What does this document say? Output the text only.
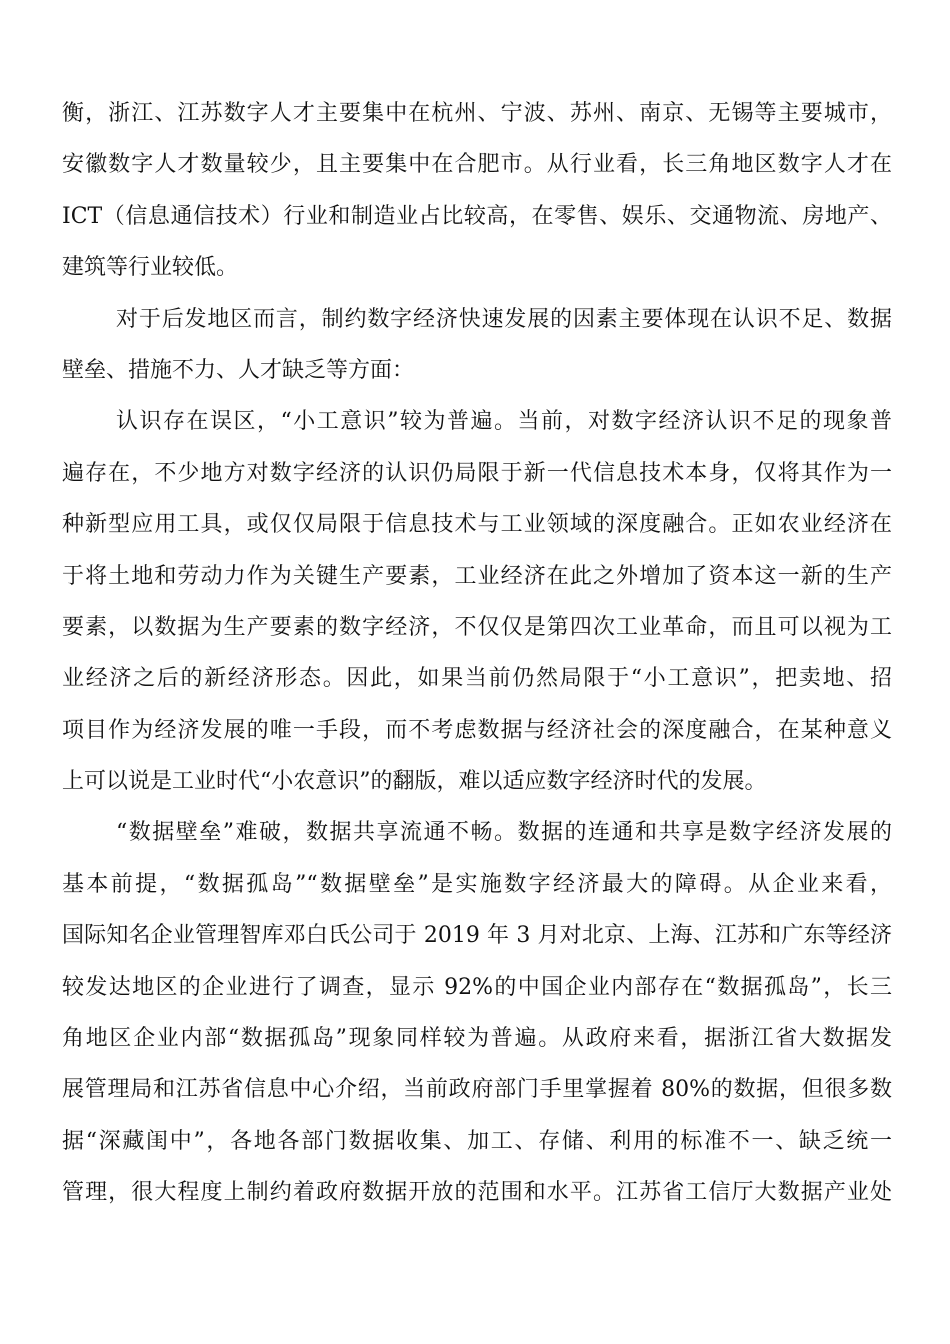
衡，浙江、江苏数字人才主要集中在杭州、宁波、苏州、南京、无锡等主要城市，
安徽数字人才数量较少，且主要集中在合肥市。从行业看，长三角地区数字人才在
ICT（信息通信技术）行业和制造业占比较高，在零售、娱乐、交通物流、房地产、
建筑等行业较低。
对于后发地区而言，制约数字经济快速发展的因素主要体现在认识不足、数据
壁垒、措施不力、人才缺乏等方面：
认识存在误区，“小工意识”较为普遍。当前，对数字经济认识不足的现象普
遍存在，不少地方对数字经济的认识仍局限于新一代信息技术本身，仅将其作为一
种新型应用工具，或仅仅局限于信息技术与工业领域的深度融合。正如农业经济在
于将土地和劳动力作为关键生产要素，工业经济在此之外增加了资本这一新的生产
要素，以数据为生产要素的数字经济，不仅仅是第四次工业革命，而且可以视为工
业经济之后的新经济形态。因此，如果当前仍然局限于“小工意识”，把卖地、招
项目作为经济发展的唯一手段，而不考虑数据与经济社会的深度融合，在某种意义
上可以说是工业时代“小农意识”的翻版，难以适应数字经济时代的发展。
“数据壁垒”难破，数据共享流通不畅。数据的连通和共享是数字经济发展的
基本前提，“数据孤岛”“数据壁垒”是实施数字经济最大的障碍。从企业来看，
国际知名企业管理智库邓白氏公司于 2019 年 3 月对北京、上海、江苏和广东等经济
较发达地区的企业进行了调查，显示 92%的中国企业内部存在“数据孤岛”，长三
角地区企业内部“数据孤岛”现象同样较为普遍。从政府来看，据浙江省大数据发
展管理局和江苏省信息中心介绍，当前政府部门手里掌握着 80%的数据，但很多数
据“深藏闺中”，各地各部门数据收集、加工、存储、利用的标准不一、缺乏统一
管理，很大程度上制约着政府数据开放的范围和水平。江苏省工信厅大数据产业处
